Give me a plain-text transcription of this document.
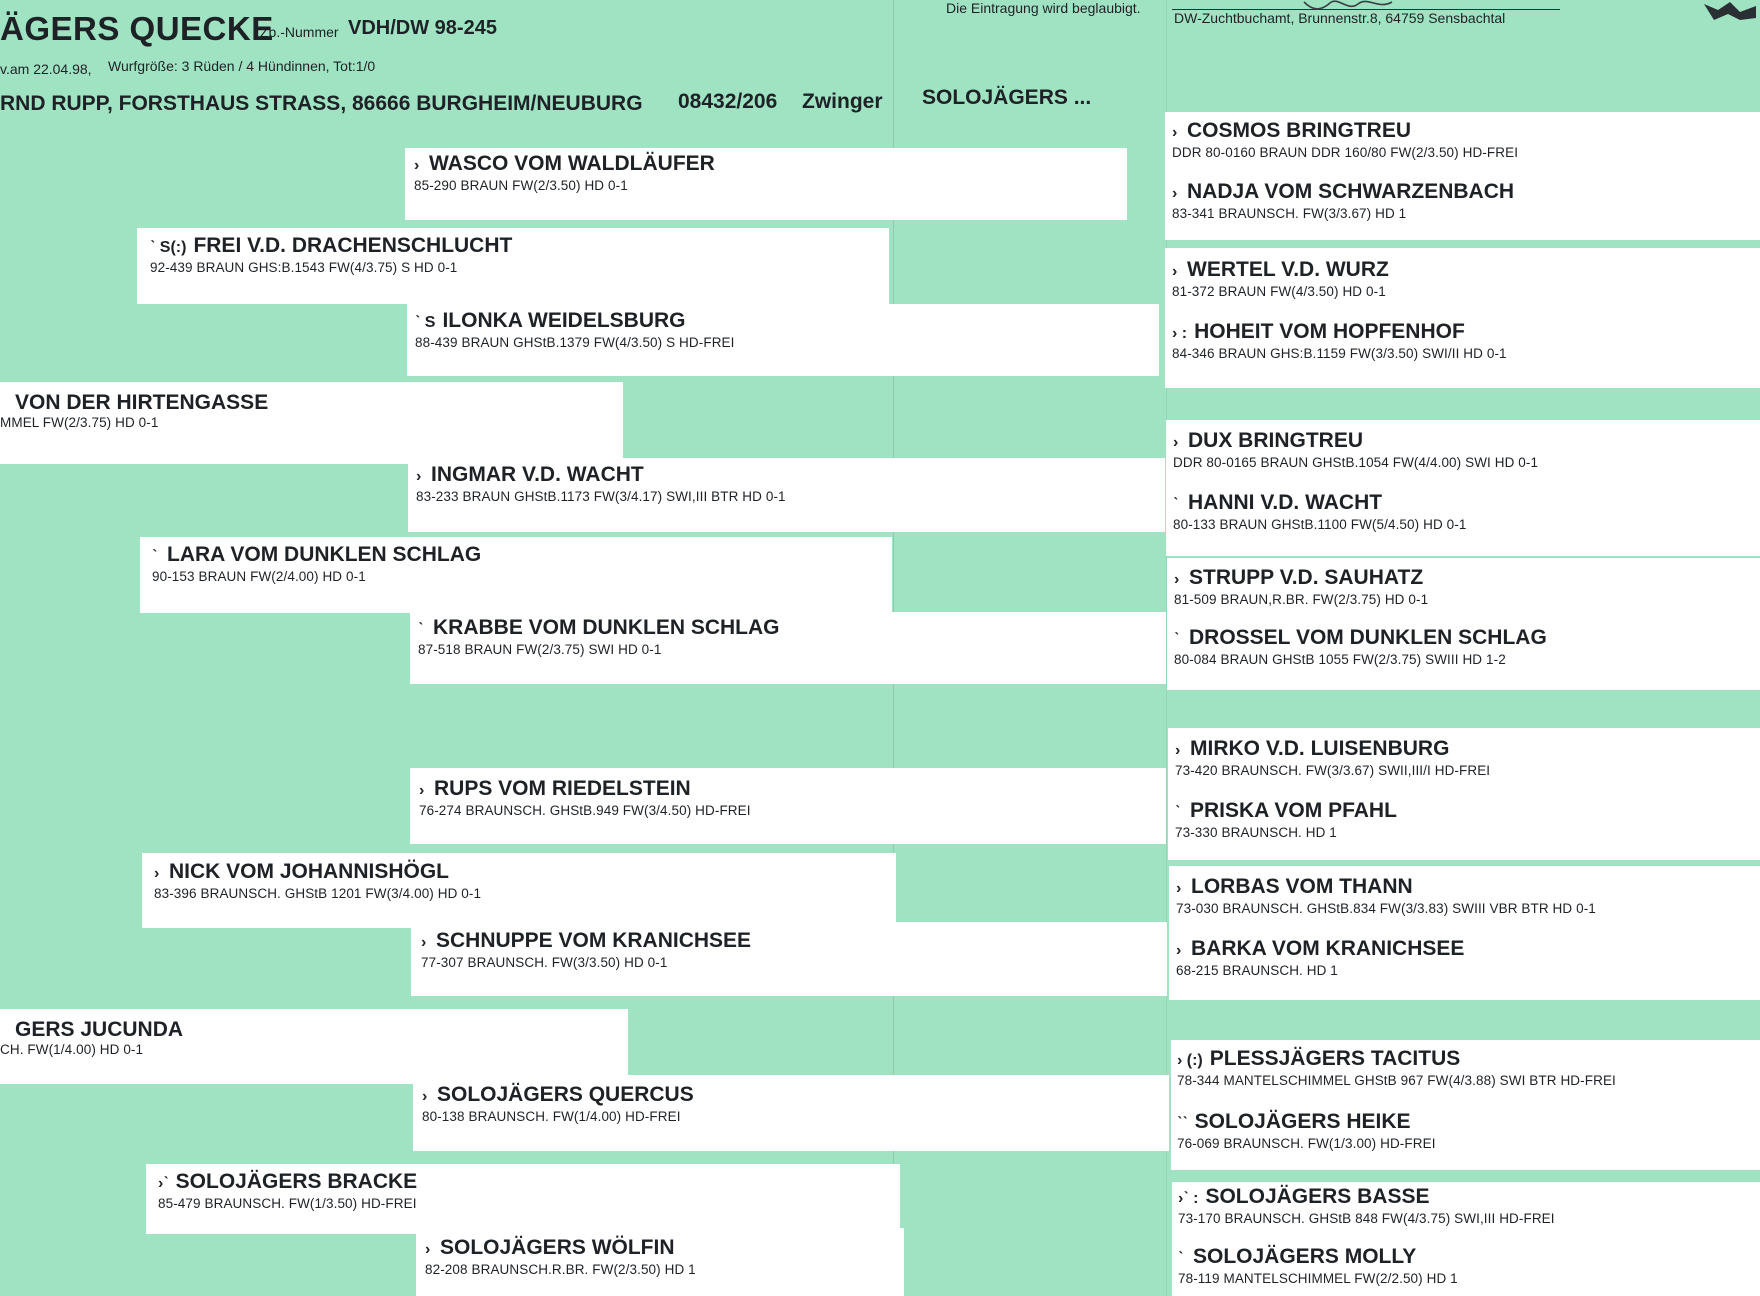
ÄGERS QUECKE
Zb.-Nummer VDH/DW 98-245
v.am 22.04.98, Wurfgröße: 3 Rüden / 4 Hündinnen, Tot:1/0
RND RUPP, FORSTHAUS STRASS, 86666 BURGHEIM/NEUBURG 08432/206 Zwinger SOLOJÄGERS ...
Die Eintragung wird beglaubigt.
DW-Zuchtbuchamt, Brunnenstr.8, 64759 Sensbachtal
VON DER HIRTENGASSE
MMEL FW(2/3.75) HD 0-1
GERS JUCUNDA
CH. FW(1/4.00) HD 0-1
ˋ S(:) FREI V.D. DRACHENSCHLUCHT
92-439 BRAUN GHS:B.1543 FW(4/3.75) S HD 0-1
ˋ LARA VOM DUNKLEN SCHLAG
90-153 BRAUN FW(2/4.00) HD 0-1
› NICK VOM JOHANNISHÖGL
83-396 BRAUNSCH. GHStB 1201 FW(3/4.00) HD 0-1
›ˋ SOLOJÄGERS BRACKE
85-479 BRAUNSCH. FW(1/3.50) HD-FREI
› WASCO VOM WALDLÄUFER
85-290 BRAUN FW(2/3.50) HD 0-1
ˋ S ILONKA WEIDELSBURG
88-439 BRAUN GHStB.1379 FW(4/3.50) S HD-FREI
› INGMAR V.D. WACHT
83-233 BRAUN GHStB.1173 FW(3/4.17) SWI,III BTR HD 0-1
ˋ KRABBE VOM DUNKLEN SCHLAG
87-518 BRAUN FW(2/3.75) SWI HD 0-1
› RUPS VOM RIEDELSTEIN
76-274 BRAUNSCH. GHStB.949 FW(3/4.50) HD-FREI
› SCHNUPPE VOM KRANICHSEE
77-307 BRAUNSCH. FW(3/3.50) HD 0-1
› SOLOJÄGERS QUERCUS
80-138 BRAUNSCH. FW(1/4.00) HD-FREI
› SOLOJÄGERS WÖLFIN
82-208 BRAUNSCH.R.BR. FW(2/3.50) HD 1
› COSMOS BRINGTREU
DDR 80-0160 BRAUN DDR 160/80 FW(2/3.50) HD-FREI
› NADJA VOM SCHWARZENBACH
83-341 BRAUNSCH. FW(3/3.67) HD 1
› WERTEL V.D. WURZ
81-372 BRAUN FW(4/3.50) HD 0-1
› : HOHEIT VOM HOPFENHOF
84-346 BRAUN GHS:B.1159 FW(3/3.50) SWI/II HD 0-1
› DUX BRINGTREU
DDR 80-0165 BRAUN GHStB.1054 FW(4/4.00) SWI HD 0-1
ˋ HANNI V.D. WACHT
80-133 BRAUN GHStB.1100 FW(5/4.50) HD 0-1
› STRUPP V.D. SAUHATZ
81-509 BRAUN,R.BR. FW(2/3.75) HD 0-1
ˋ DROSSEL VOM DUNKLEN SCHLAG
80-084 BRAUN GHStB 1055 FW(2/3.75) SWIII HD 1-2
› MIRKO V.D. LUISENBURG
73-420 BRAUNSCH. FW(3/3.67) SWII,III/I HD-FREI
ˋ PRISKA VOM PFAHL
73-330 BRAUNSCH. HD 1
› LORBAS VOM THANN
73-030 BRAUNSCH. GHStB.834 FW(3/3.83) SWIII VBR BTR HD 0-1
› BARKA VOM KRANICHSEE
68-215 BRAUNSCH. HD 1
› (:) PLESSJÄGERS TACITUS
78-344 MANTELSCHIMMEL GHStB 967 FW(4/3.88) SWI BTR HD-FREI
ˋˋ SOLOJÄGERS HEIKE
76-069 BRAUNSCH. FW(1/3.00) HD-FREI
›ˋ : SOLOJÄGERS BASSE
73-170 BRAUNSCH. GHStB 848 FW(4/3.75) SWI,III HD-FREI
ˋ SOLOJÄGERS MOLLY
78-119 MANTELSCHIMMEL FW(2/2.50) HD 1
